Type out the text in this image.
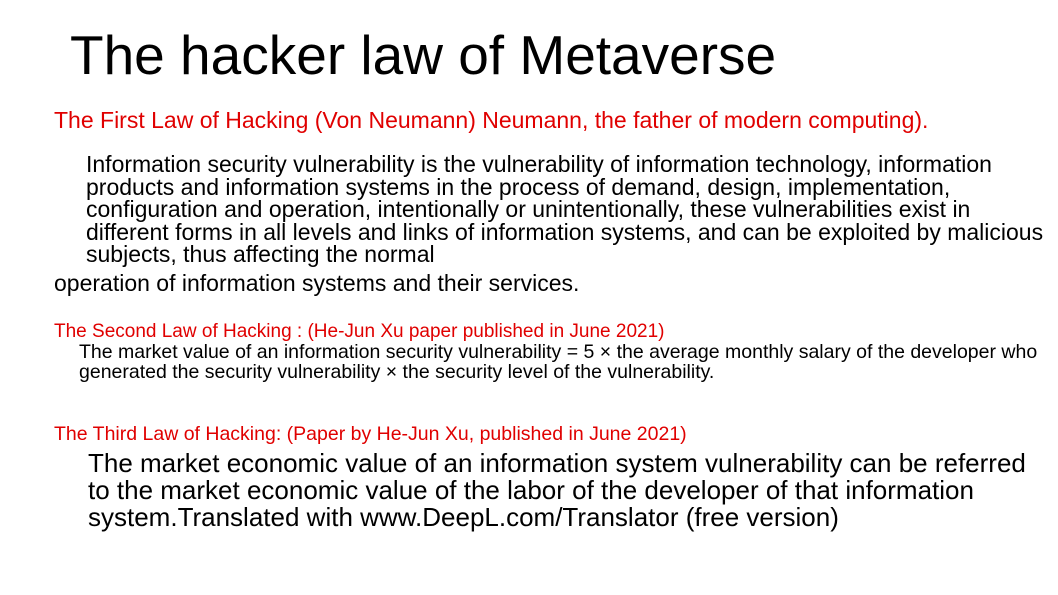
The hacker law of Metaverse
The First Law of Hacking (Von Neumann) Neumann, the father of modern computing).
Information security vulnerability is the vulnerability of information technology, information products and information systems in the process of demand, design, implementation, configuration and operation, intentionally or unintentionally, these vulnerabilities exist in different forms in all levels and links of information systems, and can be exploited by malicious subjects, thus affecting the normal
operation of information systems and their services.
The Second Law of Hacking : (He-Jun Xu paper published in June 2021)
The market value of an information security vulnerability = 5 × the average monthly salary of the developer who generated the security vulnerability × the security level of the vulnerability.
The Third Law of Hacking: (Paper by He-Jun Xu, published in June 2021)
The market economic value of an information system vulnerability can be referred to the market economic value of the labor of the developer of that information system.Translated with www.DeepL.com/Translator (free version)
